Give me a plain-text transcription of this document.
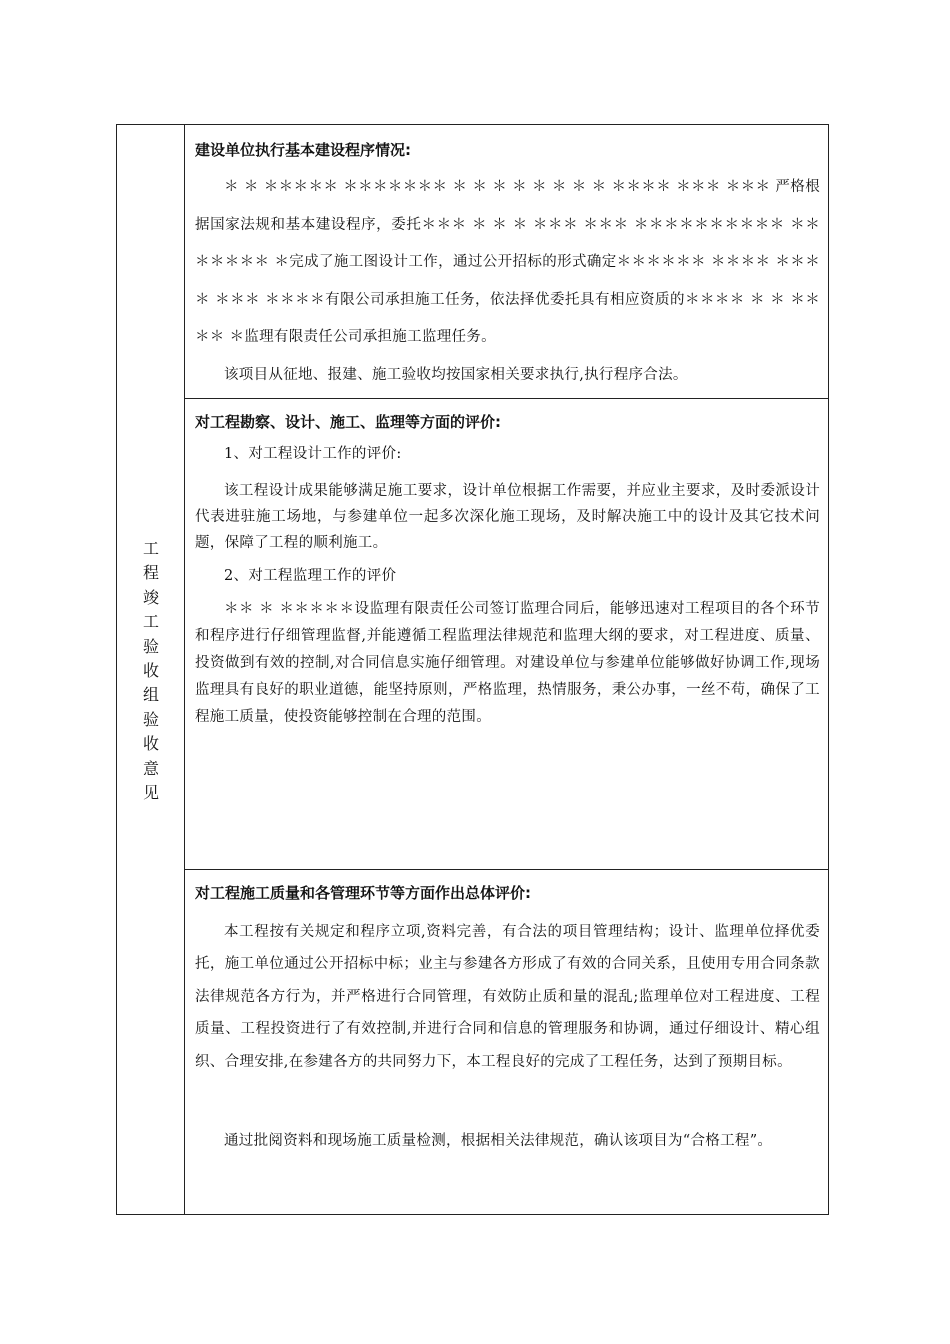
工
程
竣
工
验
收
组
验
收
意
见
建设单位执行基本建设程序情况:
＊ ＊ ＊＊＊＊＊ ＊＊＊＊＊＊＊ ＊ ＊ ＊ ＊ ＊ ＊ ＊ ＊ ＊＊＊＊ ＊＊＊ ＊＊＊ 严格根据国家法规和基本建设程序，委托＊＊＊ ＊ ＊ ＊ ＊＊＊ ＊＊＊ ＊＊＊＊＊＊＊＊＊＊ ＊＊＊＊＊＊＊ ＊完成了施工图设计工作，通过公开招标的形式确定＊＊＊＊＊＊ ＊＊＊＊ ＊＊＊＊ ＊＊＊ ＊＊＊＊有限公司承担施工任务，依法择优委托具有相应资质的＊＊＊＊ ＊ ＊ ＊＊＊＊ ＊监理有限责任公司承担施工监理任务。
该项目从征地、报建、施工验收均按国家相关要求执行,执行程序合法。
对工程勘察、设计、施工、监理等方面的评价:
1、对工程设计工作的评价:
该工程设计成果能够满足施工要求，设计单位根据工作需要，并应业主要求，及时委派设计代表进驻施工场地，与参建单位一起多次深化施工现场，及时解决施工中的设计及其它技术问题，保障了工程的顺利施工。
2、对工程监理工作的评价
＊＊ ＊ ＊＊＊＊＊设监理有限责任公司签订监理合同后，能够迅速对工程项目的各个环节和程序进行仔细管理监督,并能遵循工程监理法律规范和监理大纲的要求，对工程进度、质量、投资做到有效的控制,对合同信息实施仔细管理。对建设单位与参建单位能够做好协调工作,现场监理具有良好的职业道德，能坚持原则，严格监理，热情服务，秉公办事，一丝不苟，确保了工程施工质量，使投资能够控制在合理的范围。
对工程施工质量和各管理环节等方面作出总体评价:
本工程按有关规定和程序立项,资料完善，有合法的项目管理结构；设计、监理单位择优委托，施工单位通过公开招标中标；业主与参建各方形成了有效的合同关系，且使用专用合同条款法律规范各方行为，并严格进行合同管理，有效防止质和量的混乱;监理单位对工程进度、工程质量、工程投资进行了有效控制,并进行合同和信息的管理服务和协调，通过仔细设计、精心组织、合理安排,在参建各方的共同努力下，本工程良好的完成了工程任务，达到了预期目标。
通过批阅资料和现场施工质量检测，根据相关法律规范，确认该项目为“合格工程”。
